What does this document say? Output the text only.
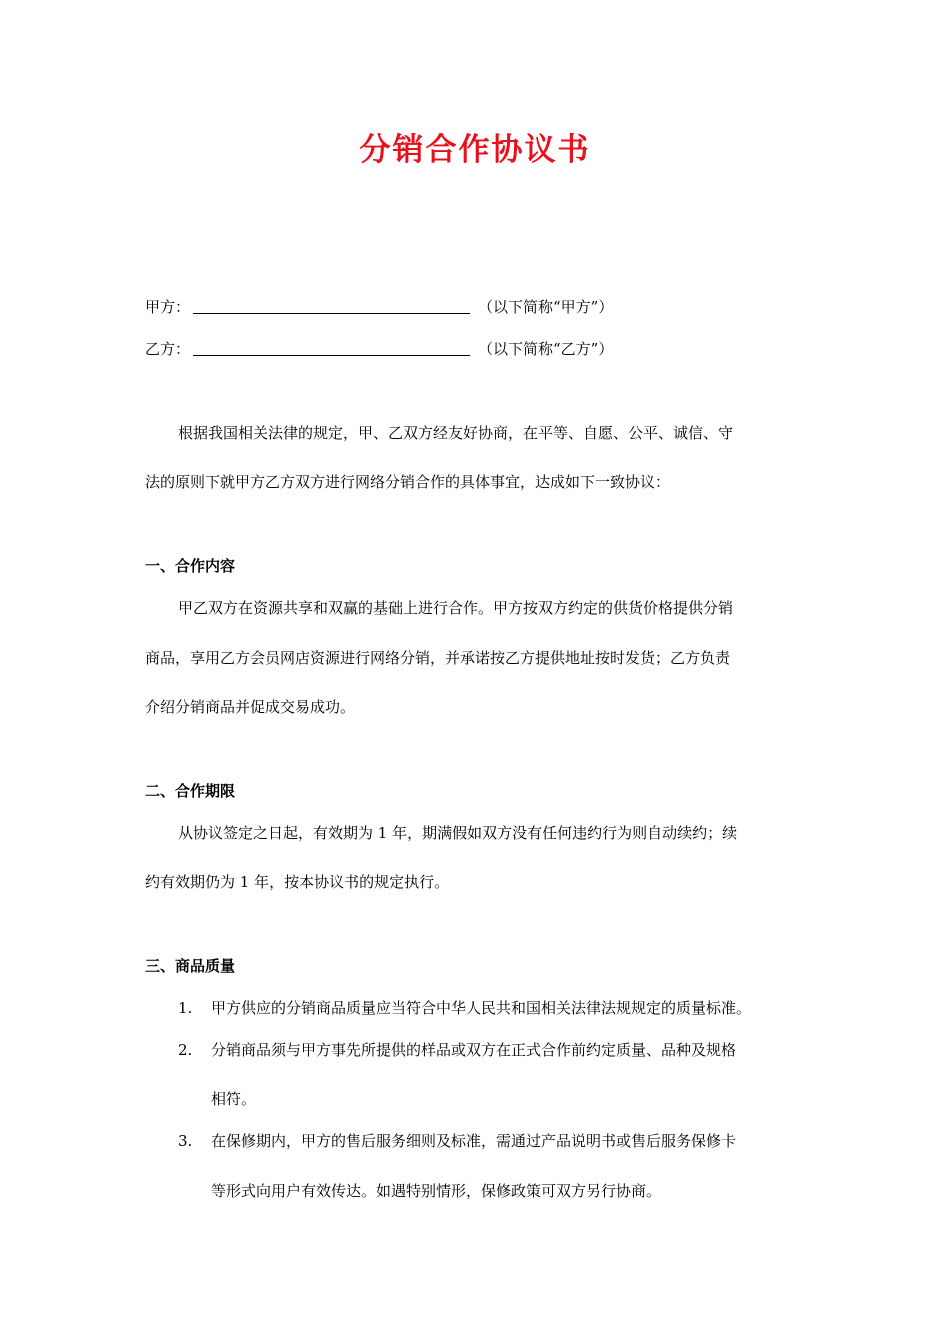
分销合作协议书
甲方：	（以下简称“甲方”）
乙方：	（以下简称“乙方”）
根据我国相关法律的规定，甲、乙双方经友好协商，在平等、自愿、公平、诚信、守
法的原则下就甲方乙方双方进行网络分销合作的具体事宜，达成如下一致协议：
一、合作内容
甲乙双方在资源共享和双赢的基础上进行合作。甲方按双方约定的供货价格提供分销
商品，享用乙方会员网店资源进行网络分销，并承诺按乙方提供地址按时发货；乙方负责
介绍分销商品并促成交易成功。
二、合作期限
从协议签定之日起，有效期为 1 年，期满假如双方没有任何违约行为则自动续约；续
约有效期仍为 1 年，按本协议书的规定执行。
三、商品质量
1. 甲方供应的分销商品质量应当符合中华人民共和国相关法律法规规定的质量标准。
2. 分销商品须与甲方事先所提供的样品或双方在正式合作前约定质量、品种及规格
相符。
3. 在保修期内，甲方的售后服务细则及标准，需通过产品说明书或售后服务保修卡
等形式向用户有效传达。如遇特别情形，保修政策可双方另行协商。
